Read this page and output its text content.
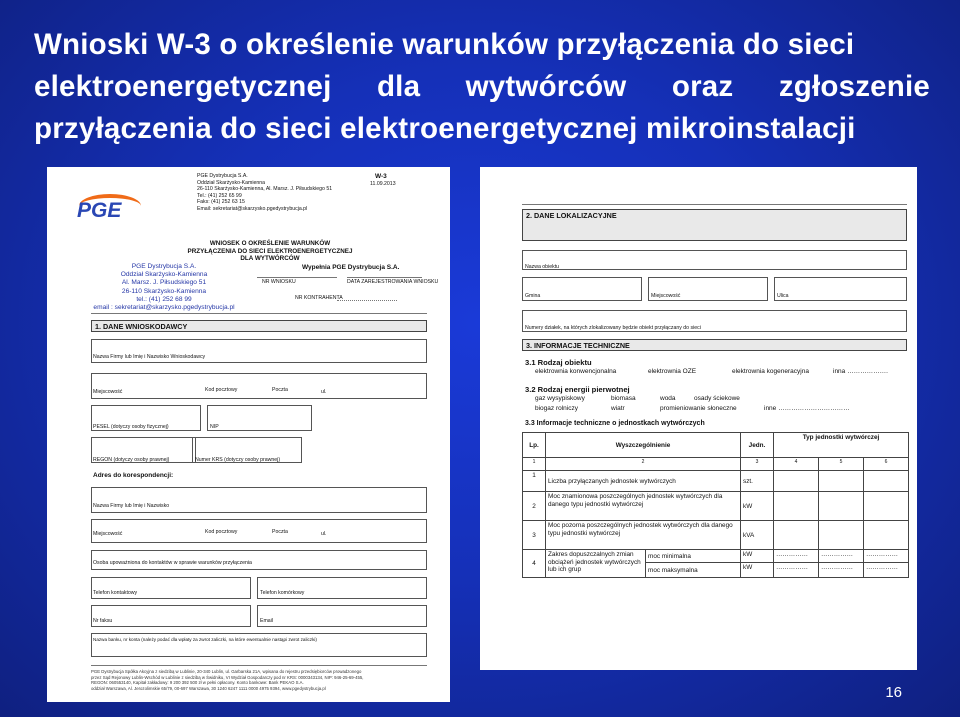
Wnioski W-3 o określenie warunków przyłączenia do sieci
elektroenergetycznej dla wytwórców oraz zgłoszenie
przyłączenia do sieci elektroenergetycznej mikroinstalacji
PGE Dystrybucja S.A.
Oddział Skarżysko-Kamienna
26-110 Skarżysko-Kamienna, Al. Marsz. J. Piłsudskiego 51
Tel.: (41) 252 65 99
Faks: (41) 252 63 15
Email: sekretariat@skarzysko.pgedystrybucja.pl
W-3
11.09.2013
PGE
WNIOSEK O OKREŚLENIE WARUNKÓW
PRZYŁĄCZENIA DO SIECI ELEKTROENERGETYCZNEJ
DLA WYTWÓRCÓW
PGE Dystrybucja S.A.
Oddział Skarżysko-Kamienna
Al. Marsz. J. Piłsudskiego 51
26-110 Skarżysko-Kamienna
tel.: (41) 252 68 99
email : sekretariat@skarzysko.pgedystrybucja.pl
Wypełnia PGE Dystrybucja S.A.
NR WNIOSKU	DATA ZAREJESTROWANIA WNIOSKU
NR KONTRAHENTA
1. DANE WNIOSKODAWCY
Nazwa Firmy lub Imię i Nazwisko Wnioskodawcy
Miejscowość	Kod pocztowy	Poczta	ul.
PESEL (dotyczy osoby fizycznej)	NIP
REGON (dotyczy osoby prawnej)	Numer KRS (dotyczy osoby prawnej)
Adres do korespondencji:
Nazwa Firmy lub Imię i Nazwisko
Miejscowość	Kod pocztowy	Poczta	ul.
Osoba upoważniona do kontaktów w sprawie warunków przyłączenia
Telefon kontaktowy	Telefon komórkowy
Nr faksu	Email
Nazwa banku, nr konta (należy podać dla wpłaty za zwrot zaliczki, na które ewentualnie nastąpi zwrot zaliczki)
PGE Dystrybucja Spółka Akcyjna z siedzibą w Lublinie, 20-340 Lublin, ul. Garbarska 21A, wpisana do rejestru przedsiębiorców prowadzonego
przez Sąd Rejonowy Lublin-Wschód w Lublinie z siedzibą w Świdniku, VI Wydział Gospodarczy pod nr KRS: 0000343134, NIP: 946-25-69-455,
REGON: 060553140, Kapitał zakładowy: 9 200 392 500 zł w pełni opłacony. Konto bankowe: Bank PEKAO S.A.
oddział Warszawa, Al. Jerozolimskie 65/79, 00-697 Warszawa, 30 1240 6247 1111 0000 4975 9394, www.pgedystrybucja.pl
2. DANE LOKALIZACYJNE
Nazwa obiektu
Gmina	Miejscowość	Ulica
Numery działek, na których zlokalizowany będzie obiekt przyłączany do sieci
3. INFORMACJE TECHNICZNE
3.1 Rodzaj obiektu
elektrownia konwencjonalna	elektrownia OZE	elektrownia kogeneracyjna	inna ……………….
3.2 Rodzaj energii pierwotnej
gaz wysypiskowy	biomasa	woda	osady ściekowe
biogaz rolniczy	wiatr	promieniowanie słoneczne	inne ……………………………
3.3 Informacje techniczne o jednostkach wytwórczych
Lp.	Wyszczególnienie		Jedn.	Typ jednostki wytwórczej		
1	2		3	4	5	6
1	Liczba przyłączanych jednostek wytwórczych		szt.			
2	Moc znamionowa poszczególnych jednostek wytwórczych dla danego typu jednostki wytwórczej		kW			
3	Moc pozorna poszczególnych jednostek wytwórczych dla danego typu jednostki wytwórczej		kVA			
4	Zakres dopuszczalnych zmian obciążeń jednostek wytwórczych lub ich grup	moc minimalna	kW	……………	……………	……………
		moc maksymalna	kW	……………	……………	……………
16
